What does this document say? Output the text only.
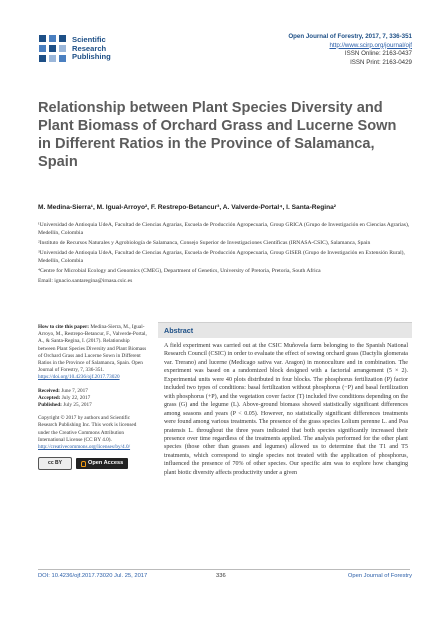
Scientific
Research
Publishing
Open Journal of Forestry, 2017, 7, 336-351
http://www.scirp.org/journal/ojf
ISSN Online: 2163-0437
ISSN Print: 2163-0429
Relationship between Plant Species Diversity and Plant Biomass of Orchard Grass and Lucerne Sown in Different Ratios in the Province of Salamanca, Spain
M. Medina-Sierra¹, M. Igual-Arroyo², F. Restrepo-Betancur³, A. Valverde-Portal⁴, I. Santa-Regina²

¹Universidad de Antioquia UdeA, Facultad de Ciencias Agrarias, Escuela de Producción Agropecuaria, Group GRICA (Grupo de Investigación en Ciencias Agrarias), Medellín, Colombia

²Instituto de Recursos Naturales y Agrobiología de Salamanca, Consejo Superior de Investigaciones Científicas (IRNASA-CSIC), Salamanca, Spain

³Universidad de Antioquia UdeA, Facultad de Ciencias Agrarias, Escuela de Producción Agropecuaria, Group GISER (Grupo de Investigación en Extensión Rural), Medellín, Colombia

⁴Centre for Microbial Ecology and Genomics (CMEG), Department of Genetics, University of Pretoria, Pretoria, South Africa

Email: ignacio.santaregina@irnasa.csic.es

How to cite this paper: Medina-Sierra, M., Igual-Arroyo, M., Restrepo-Betancur, F., Valverde-Portal, A., & Santa-Regina, I. (2017). Relationship between Plant Species Diversity and Plant Biomass of Orchard Grass and Lucerne Sown in Different Ratios in the Province of Salamanca, Spain. Open Journal of Forestry, 7, 336-351. https://doi.org/10.4236/ojf.2017.73020

Received: June 7, 2017
Accepted: July 22, 2017
Published: July 25, 2017

Copyright © 2017 by authors and Scientific Research Publishing Inc. This work is licensed under the Creative Commons Attribution International License (CC BY 4.0).
http://creativecommons.org/licenses/by/4.0/

cc BY	Open Access
Abstract
A field experiment was carried out at the CSIC Muñovela farm belonging to the Spanish National Research Council (CSIC) in order to evaluate the effect of sowing orchard grass (Dactylis glomerata var. Trerano) and lucerne (Medicago sativa var. Aragon) in monoculture and in combination. The experiment was based on a randomized block designed with a factorial arrangement (5 × 2). Experimental units were 40 plots distributed in four blocks. The phosphorus fertilization (P) factor included two types of conditions: basal fertilization without phosphorus (−P) and basal fertilization with phosphorus (+P), and the vegetation cover factor (T) included five conditions depending on the grass (G) and the legume (L). Above-ground biomass showed statistically significant differences among seasons and years (P < 0.05). However, no statistically significant differences treatments were found among various treatments. The presence of the grass species Lolium perenne L. and Poa pratensis L. throughout the three years indicated that both species significantly increased their presence over time regardless of the treatments applied. The analysis performed for the other plant species (those other than grasses and legumes) allowed us to determine that the T1 and T5 treatments, which correspond to single species not treated with the application of phosphorus, influenced the presence of 70% of other species. Our specific aim was to explore how changing plant biotic diversity affects productivity under a given
DOI: 10.4236/ojf.2017.73020 Jul. 25, 2017	336	Open Journal of Forestry
